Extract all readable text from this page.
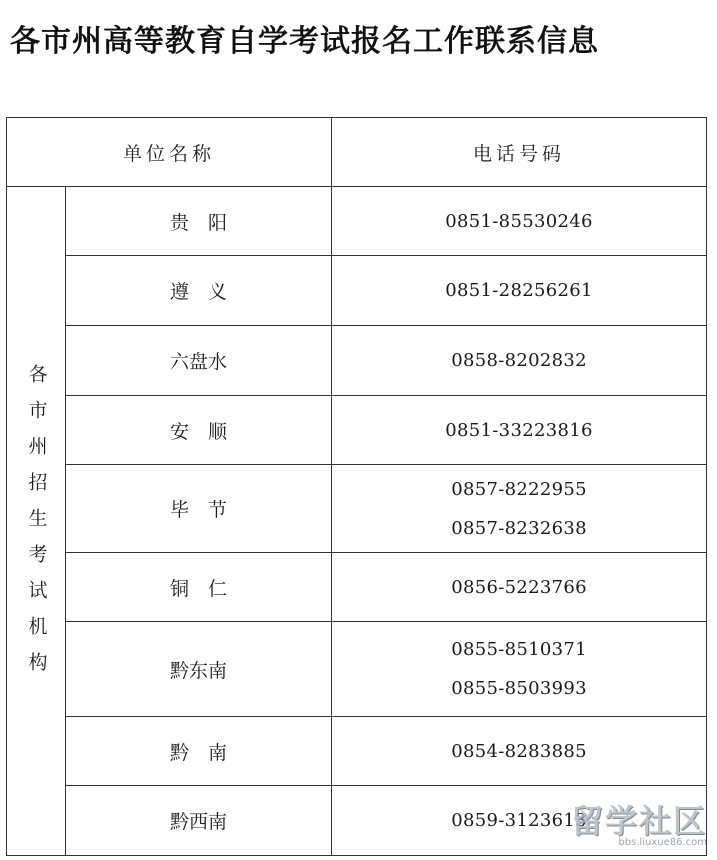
各市州高等教育自学考试报名工作联系信息
单位名称		电话号码

各市州招生考试机构	贵　阳	0851-85530246

	遵　义	0851-28256261

	六盘水	0858-8202832

	安　顺	0851-33223816

	毕　节	0857-8222955
0857-8232638

	铜　仁	0856-5223766

	黔东南	0855-8510371
0855-8503993

	黔　南	0854-8283885

	黔西南	0859-3123613
留学社区
bbs.liuxue86.com
